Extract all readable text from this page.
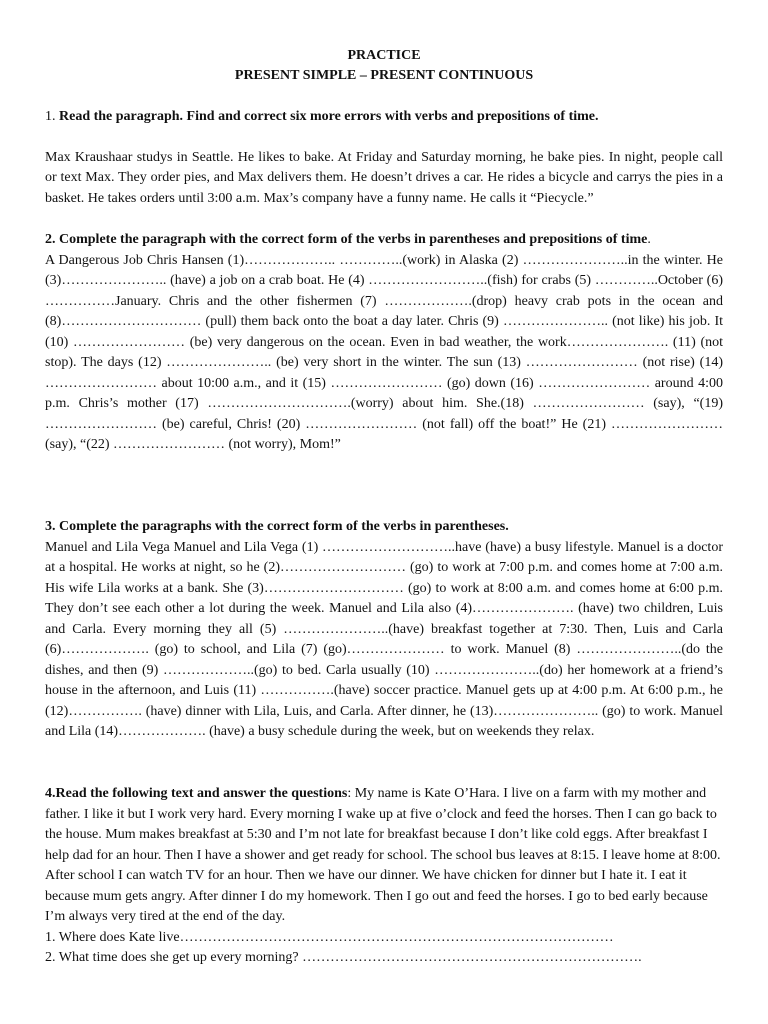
PRACTICE

PRESENT SIMPLE – PRESENT CONTINUOUS

1. Read the paragraph. Find and correct six more errors with verbs and prepositions of time.

Max Kraushaar studys in Seattle. He likes to bake. At Friday and Saturday morning, he bake pies. In night, people call or text Max. They order pies, and Max delivers them. He doesn’t drives a car. He rides a bicycle and carrys the pies in a basket. He takes orders until 3:00 a.m. Max’s company have a funny name. He calls it “Piecycle.”

2. Complete the paragraph with the correct form of the verbs in parentheses and prepositions of time.

A Dangerous Job Chris Hansen (1)……………….. …………..(work) in Alaska (2) …………………..in the winter. He (3)………………….. (have) a job on a crab boat. He (4) ……………………..(fish) for crabs (5) …………..October (6) ……………January. Chris and the other fishermen (7) ……………….(drop) heavy crab pots in the ocean and (8)………………………… (pull) them back onto the boat a day later. Chris (9) ………………….. (not like) his job. It (10) …………………… (be) very dangerous on the ocean. Even in bad weather, the work…………………. (11) (not stop). The days (12) ………………….. (be) very short in the winter. The sun (13) …………………… (not rise) (14) …………………… about 10:00 a.m., and it (15) …………………… (go) down (16) …………………… around 4:00 p.m. Chris’s mother (17) ………………………….(worry) about him. She.(18) …………………… (say), “(19) …………………… (be) careful, Chris! (20) …………………… (not fall) off the boat!” He (21) …………………… (say), “(22) …………………… (not worry), Mom!”

3. Complete the paragraphs with the correct form of the verbs in parentheses.

Manuel and Lila Vega Manuel and Lila Vega (1) ………………………..have (have) a busy lifestyle. Manuel is a doctor at a hospital. He works at night, so he (2)……………………… (go) to work at 7:00 p.m. and comes home at 7:00 a.m. His wife Lila works at a bank. She (3)………………………… (go) to work at 8:00 a.m. and comes home at 6:00 p.m. They don’t see each other a lot during the week. Manuel and Lila also (4)…………………. (have) two children, Luis and Carla. Every morning they all (5) …………………..(have) breakfast together at 7:30. Then, Luis and Carla (6)………………. (go) to school, and Lila (7) (go)………………… to work. Manuel (8) …………………..(do the dishes, and then (9) ………………..(go) to bed. Carla usually (10) …………………..(do) her homework at a friend’s house in the afternoon, and Luis (11) …………….(have) soccer practice. Manuel gets up at 4:00 p.m. At 6:00 p.m., he (12)……………. (have) dinner with Lila, Luis, and Carla. After dinner, he (13)………………….. (go) to work. Manuel and Lila (14)………………. (have) a busy schedule during the week, but on weekends they relax.

4.Read the following text and answer the questions: My name is Kate O’Hara. I live on a farm with my mother and father. I like it but I work very hard. Every morning I wake up at five o’clock and feed the horses. Then I can go back to the house. Mum makes breakfast at 5:30 and I’m not late for breakfast because I don’t like cold eggs. After breakfast I help dad for an hour. Then I have a shower and get ready for school. The school bus leaves at 8:15. I leave home at 8:00. After school I can watch TV for an hour. Then we have our dinner. We have chicken for dinner but I hate it. I eat it because mum gets angry. After dinner I do my homework. Then I go out and feed the horses. I go to bed early because I’m always very tired at the end of the day.

1. Where does Kate live…………………………………………………………………………………

2. What time does she get up every morning? ……………………………………………………………….
